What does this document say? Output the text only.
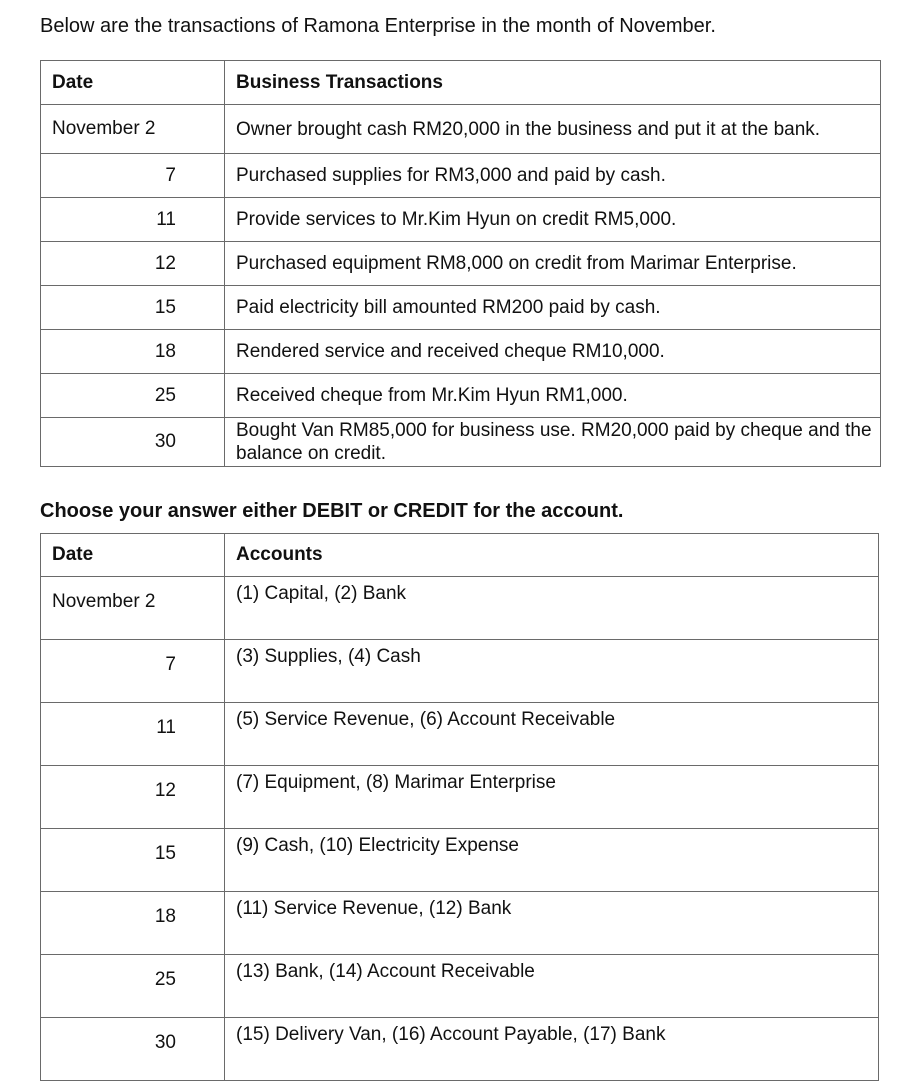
Below are the transactions of Ramona Enterprise in the month of November.
Date	Business Transactions
November 2	Owner brought cash RM20,000 in the business and put it at the bank.
7	Purchased supplies for RM3,000 and paid by cash.
11	Provide services to Mr.Kim Hyun on credit RM5,000.
12	Purchased equipment RM8,000 on credit from Marimar Enterprise.
15	Paid electricity bill amounted RM200 paid by cash.
18	Rendered service and received cheque RM10,000.
25	Received cheque from Mr.Kim Hyun RM1,000.
30	Bought Van RM85,000 for business use. RM20,000 paid by cheque and the balance on credit.
Choose your answer either DEBIT or CREDIT for the account.
Date	Accounts
November 2	(1) Capital, (2) Bank
7	(3) Supplies, (4) Cash
11	(5) Service Revenue, (6) Account Receivable
12	(7) Equipment, (8) Marimar Enterprise
15	(9) Cash, (10) Electricity Expense
18	(11) Service Revenue, (12) Bank
25	(13) Bank, (14) Account Receivable
30	(15) Delivery Van, (16) Account Payable, (17) Bank
